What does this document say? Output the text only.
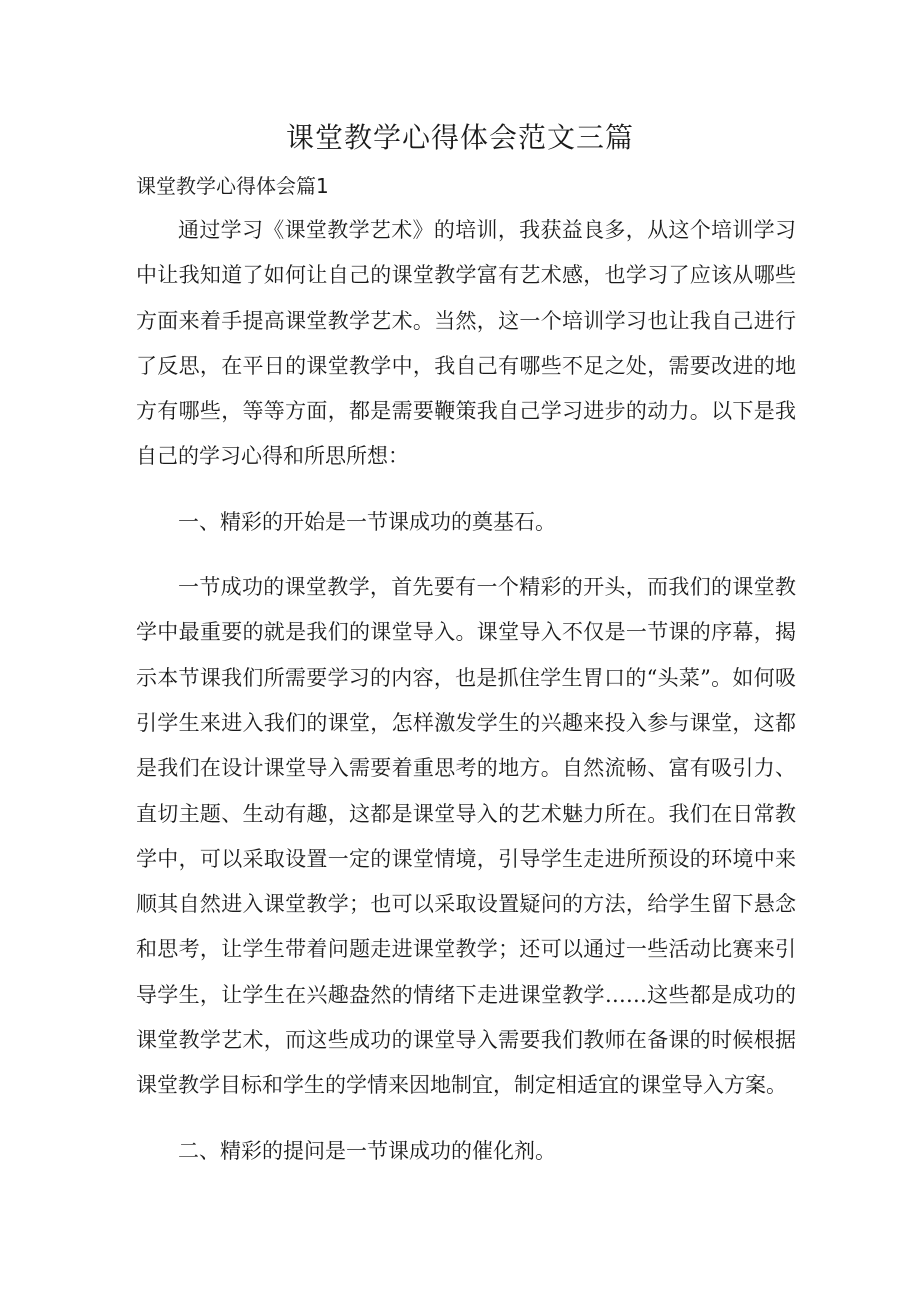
课堂教学心得体会范文三篇
课堂教学心得体会篇1

通过学习《课堂教学艺术》的培训，我获益良多，从这个培训学习中让我知道了如何让自己的课堂教学富有艺术感，也学习了应该从哪些方面来着手提高课堂教学艺术。当然，这一个培训学习也让我自己进行了反思，在平日的课堂教学中，我自己有哪些不足之处，需要改进的地方有哪些，等等方面，都是需要鞭策我自己学习进步的动力。以下是我自己的学习心得和所思所想：

一、精彩的开始是一节课成功的奠基石。

一节成功的课堂教学，首先要有一个精彩的开头，而我们的课堂教学中最重要的就是我们的课堂导入。课堂导入不仅是一节课的序幕，揭示本节课我们所需要学习的内容，也是抓住学生胃口的“头菜”。如何吸引学生来进入我们的课堂，怎样激发学生的兴趣来投入参与课堂，这都是我们在设计课堂导入需要着重思考的地方。自然流畅、富有吸引力、直切主题、生动有趣，这都是课堂导入的艺术魅力所在。我们在日常教学中，可以采取设置一定的课堂情境，引导学生走进所预设的环境中来顺其自然进入课堂教学；也可以采取设置疑问的方法，给学生留下悬念和思考，让学生带着问题走进课堂教学；还可以通过一些活动比赛来引导学生，让学生在兴趣盎然的情绪下走进课堂教学……这些都是成功的课堂教学艺术，而这些成功的课堂导入需要我们教师在备课的时候根据课堂教学目标和学生的学情来因地制宜，制定相适宜的课堂导入方案。

二、精彩的提问是一节课成功的催化剂。
